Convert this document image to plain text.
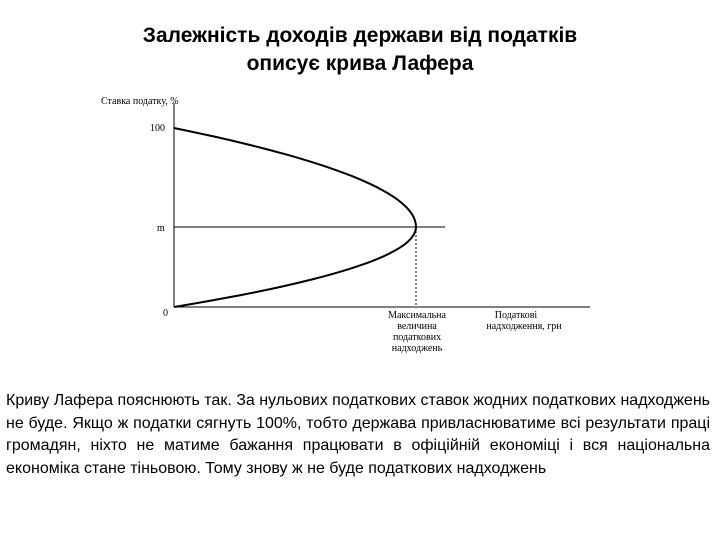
Залежність доходів держави від податків
описує крива Лафера
Ставка податку, %
100
m
0	Максимальна
величина
податкових
надходжень
Податкові
надходження, грн
Криву Лафера пояснюють так. За нульових податкових ставок жодних податкових надходжень не буде. Якщо ж податки сягнуть 100%, тобто держава привласнюватиме всі результати праці громадян, ніхто не матиме бажання працювати в офіційній економіці і вся національна економіка стане тіньовою. Тому знову ж не буде податкових надходжень
